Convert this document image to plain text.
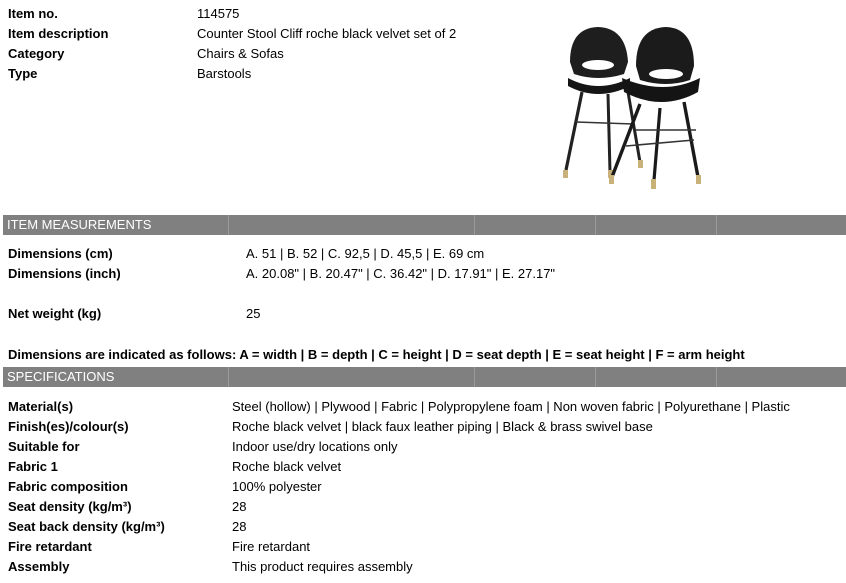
Item no.	114575
Item description	Counter Stool Cliff roche black velvet set of 2
Category	Chairs & Sofas
Type	Barstools
ITEM MEASUREMENTS
Dimensions (cm)	A. 51 | B. 52 | C. 92,5 | D. 45,5 | E. 69 cm
Dimensions (inch)	A. 20.08" | B. 20.47" | C. 36.42" | D. 17.91" | E. 27.17"
Net weight (kg)	25
Dimensions are indicated as follows: A = width | B = depth | C = height | D = seat depth | E = seat height | F = arm height
SPECIFICATIONS
Material(s)	Steel (hollow) | Plywood | Fabric | Polypropylene foam | Non woven fabric | Polyurethane | Plastic
Finish(es)/colour(s)	Roche black velvet | black faux leather piping | Black & brass swivel base
Suitable for	Indoor use/dry locations only
Fabric 1	Roche black velvet
Fabric composition	100% polyester
Seat density (kg/m³)	28
Seat back density (kg/m³)	28
Fire retardant	Fire retardant
Assembly	This product requires assembly
